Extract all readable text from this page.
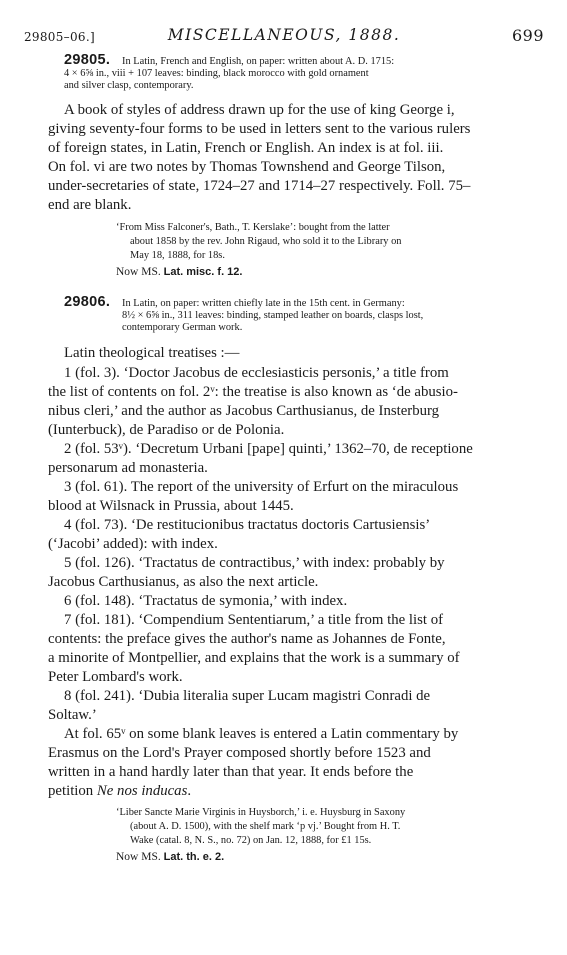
29805–06.]	MISCELLANEOUS, 1888.	699
29805. In Latin, French and English, on paper: written about A. D. 1715:
4 × 6⅝ in., viii + 107 leaves: binding, black morocco with gold ornament
and silver clasp, contemporary.
A book of styles of address drawn up for the use of king George i,
giving seventy-four forms to be used in letters sent to the various rulers
of foreign states, in Latin, French or English. An index is at fol. iii.
On fol. vi are two notes by Thomas Townshend and George Tilson,
under-secretaries of state, 1724–27 and 1714–27 respectively. Foll. 75–
end are blank.
‘From Miss Falconer's, Bath., T. Kerslake’: bought from the latter
about 1858 by the rev. John Rigaud, who sold it to the Library on
May 18, 1888, for 18s.
Now MS. Lat. misc. f. 12.
29806. In Latin, on paper: written chiefly late in the 15th cent. in Germany:
8½ × 6⅝ in., 311 leaves: binding, stamped leather on boards, clasps lost,
contemporary German work.
Latin theological treatises :—
1 (fol. 3). ‘Doctor Jacobus de ecclesiasticis personis,’ a title from
the list of contents on fol. 2ᵛ: the treatise is also known as ‘de abusio-
nibus cleri,’ and the author as Jacobus Carthusianus, de Insterburg
(Iunterbuck), de Paradiso or de Polonia.
2 (fol. 53ᵛ). ‘Decretum Urbani [pape] quinti,’ 1362–70, de receptione
personarum ad monasteria.
3 (fol. 61). The report of the university of Erfurt on the miraculous
blood at Wilsnack in Prussia, about 1445.
4 (fol. 73). ‘De restitucionibus tractatus doctoris Cartusiensis’
(‘Jacobi’ added): with index.
5 (fol. 126). ‘Tractatus de contractibus,’ with index: probably by
Jacobus Carthusianus, as also the next article.
6 (fol. 148). ‘Tractatus de symonia,’ with index.
7 (fol. 181). ‘Compendium Sententiarum,’ a title from the list of
contents: the preface gives the author's name as Johannes de Fonte,
a minorite of Montpellier, and explains that the work is a summary of
Peter Lombard's work.
8 (fol. 241). ‘Dubia literalia super Lucam magistri Conradi de
Soltaw.’
At fol. 65ᵛ on some blank leaves is entered a Latin commentary by
Erasmus on the Lord's Prayer composed shortly before 1523 and
written in a hand hardly later than that year. It ends before the
petition Ne nos inducas.
‘Liber Sancte Marie Virginis in Huysborch,’ i. e. Huysburg in Saxony
(about A. D. 1500), with the shelf mark ‘p vj.’ Bought from H. T.
Wake (catal. 8, N. S., no. 72) on Jan. 12, 1888, for £1 15s.
Now MS. Lat. th. e. 2.
